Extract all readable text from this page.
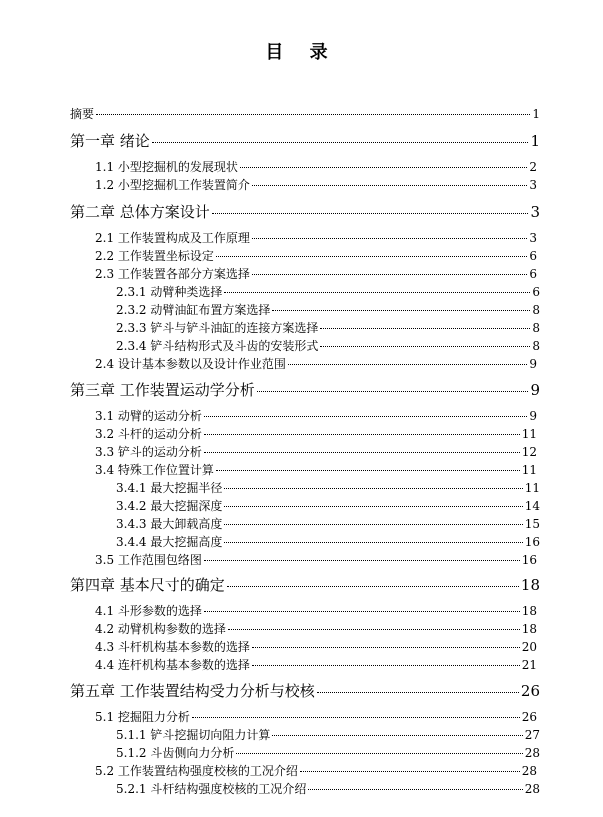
目 录
摘要	1
第一章 绪论	1
1.1 小型挖掘机的发展现状	2
1.2 小型挖掘机工作装置简介	3
第二章 总体方案设计	3
2.1 工作装置构成及工作原理	3
2.2 工作装置坐标设定	6
2.3 工作装置各部分方案选择	6
2.3.1 动臂种类选择	6
2.3.2 动臂油缸布置方案选择	8
2.3.3 铲斗与铲斗油缸的连接方案选择	8
2.3.4 铲斗结构形式及斗齿的安装形式	8
2.4 设计基本参数以及设计作业范围	9
第三章 工作装置运动学分析	9
3.1 动臂的运动分析	9
3.2 斗杆的运动分析	11
3.3 铲斗的运动分析	12
3.4 特殊工作位置计算	11
3.4.1 最大挖掘半径	11
3.4.2 最大挖掘深度	14
3.4.3 最大卸载高度	15
3.4.4 最大挖掘高度	16
3.5 工作范围包络图	16
第四章 基本尺寸的确定	18
4.1 斗形参数的选择	18
4.2 动臂机构参数的选择	18
4.3 斗杆机构基本参数的选择	20
4.4 连杆机构基本参数的选择	21
第五章 工作装置结构受力分析与校核	26
5.1 挖掘阻力分析	26
5.1.1 铲斗挖掘切向阻力计算	27
5.1.2 斗齿侧向力分析	28
5.2 工作装置结构强度校核的工况介绍	28
5.2.1 斗杆结构强度校核的工况介绍	28
